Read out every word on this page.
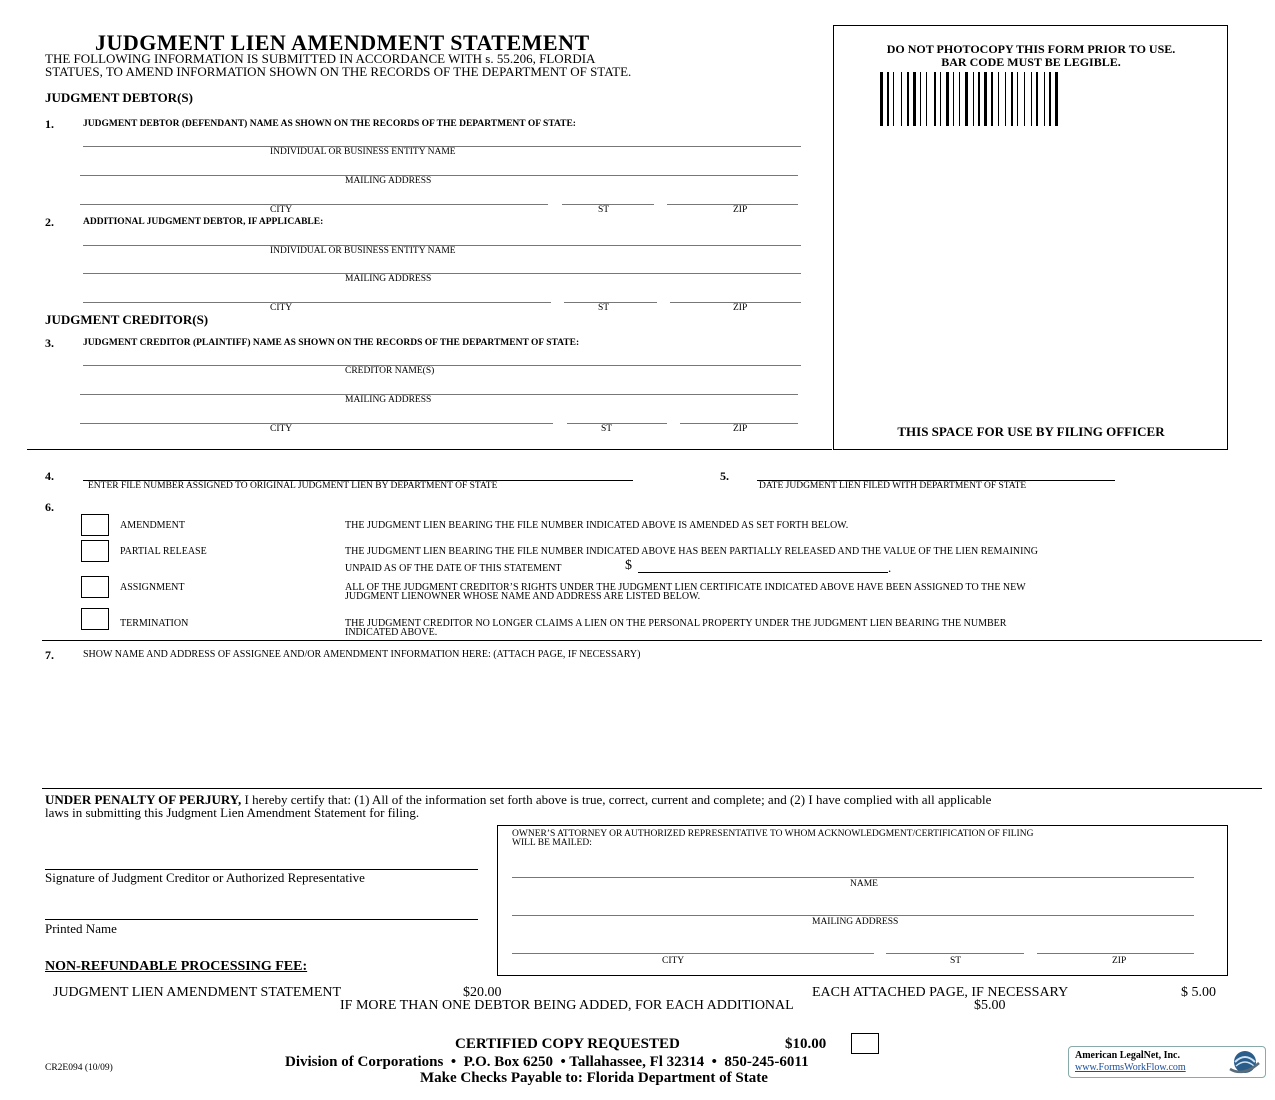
JUDGMENT LIEN AMENDMENT STATEMENT
THE FOLLOWING INFORMATION IS SUBMITTED IN ACCORDANCE WITH s. 55.206, FLORDIA
STATUES, TO AMEND INFORMATION SHOWN ON THE RECORDS OF THE DEPARTMENT OF STATE.
DO NOT PHOTOCOPY THIS FORM PRIOR TO USE.
BAR CODE MUST BE LEGIBLE.
THIS SPACE FOR USE BY FILING OFFICER
JUDGMENT DEBTOR(S)
1.	JUDGMENT DEBTOR (DEFENDANT) NAME AS SHOWN ON THE RECORDS OF THE DEPARTMENT OF STATE:
INDIVIDUAL OR BUSINESS ENTITY NAME
MAILING ADDRESS
CITY	ST	ZIP
2.	ADDITIONAL JUDGMENT DEBTOR, IF APPLICABLE:
INDIVIDUAL OR BUSINESS ENTITY NAME
MAILING ADDRESS
CITY	ST	ZIP
JUDGMENT CREDITOR(S)
3.	JUDGMENT CREDITOR (PLAINTIFF) NAME AS SHOWN ON THE RECORDS OF THE DEPARTMENT OF STATE:
CREDITOR NAME(S)
MAILING ADDRESS
CITY	ST	ZIP
4.
ENTER FILE NUMBER ASSIGNED TO ORIGINAL JUDGMENT LIEN BY DEPARTMENT OF STATE
5.
DATE JUDGMENT LIEN FILED WITH DEPARTMENT OF STATE
6.
AMENDMENT	THE JUDGMENT LIEN BEARING THE FILE NUMBER INDICATED ABOVE IS AMENDED AS SET FORTH BELOW.
PARTIAL RELEASE	THE JUDGMENT LIEN BEARING THE FILE NUMBER INDICATED ABOVE HAS BEEN PARTIALLY RELEASED AND THE VALUE OF THE LIEN REMAINING
UNPAID AS OF THE DATE OF THIS STATEMENT	$	.
ASSIGNMENT	ALL OF THE JUDGMENT CREDITOR’S RIGHTS UNDER THE JUDGMENT LIEN CERTIFICATE INDICATED ABOVE HAVE BEEN ASSIGNED TO THE NEW
JUDGMENT LIENOWNER WHOSE NAME AND ADDRESS ARE LISTED BELOW.
TERMINATION	THE JUDGMENT CREDITOR NO LONGER CLAIMS A LIEN ON THE PERSONAL PROPERTY UNDER THE JUDGMENT LIEN BEARING THE NUMBER
INDICATED ABOVE.
7.	SHOW NAME AND ADDRESS OF ASSIGNEE AND/OR AMENDMENT INFORMATION HERE: (ATTACH PAGE, IF NECESSARY)
UNDER PENALTY OF PERJURY, I hereby certify that: (1) All of the information set forth above is true, correct, current and complete; and (2) I have complied with all applicable
laws in submitting this Judgment Lien Amendment Statement for filing.
Signature of Judgment Creditor or Authorized Representative
Printed Name
OWNER’S ATTORNEY OR AUTHORIZED REPRESENTATIVE TO WHOM ACKNOWLEDGMENT/CERTIFICATION OF FILING
WILL BE MAILED:
NAME
MAILING ADDRESS
CITY	ST	ZIP
NON-REFUNDABLE PROCESSING FEE:
JUDGMENT LIEN AMENDMENT STATEMENT	$20.00	EACH ATTACHED PAGE, IF NECESSARY	$ 5.00
IF MORE THAN ONE DEBTOR BEING ADDED, FOR EACH ADDITIONAL	$5.00
CERTIFIED COPY REQUESTED	$10.00
CR2E094 (10/09)	Division of Corporations  •  P.O. Box 6250  • Tallahassee, Fl 32314  •  850-245-6011
Make Checks Payable to: Florida Department of State
American LegalNet, Inc.
www.FormsWorkFlow.com
